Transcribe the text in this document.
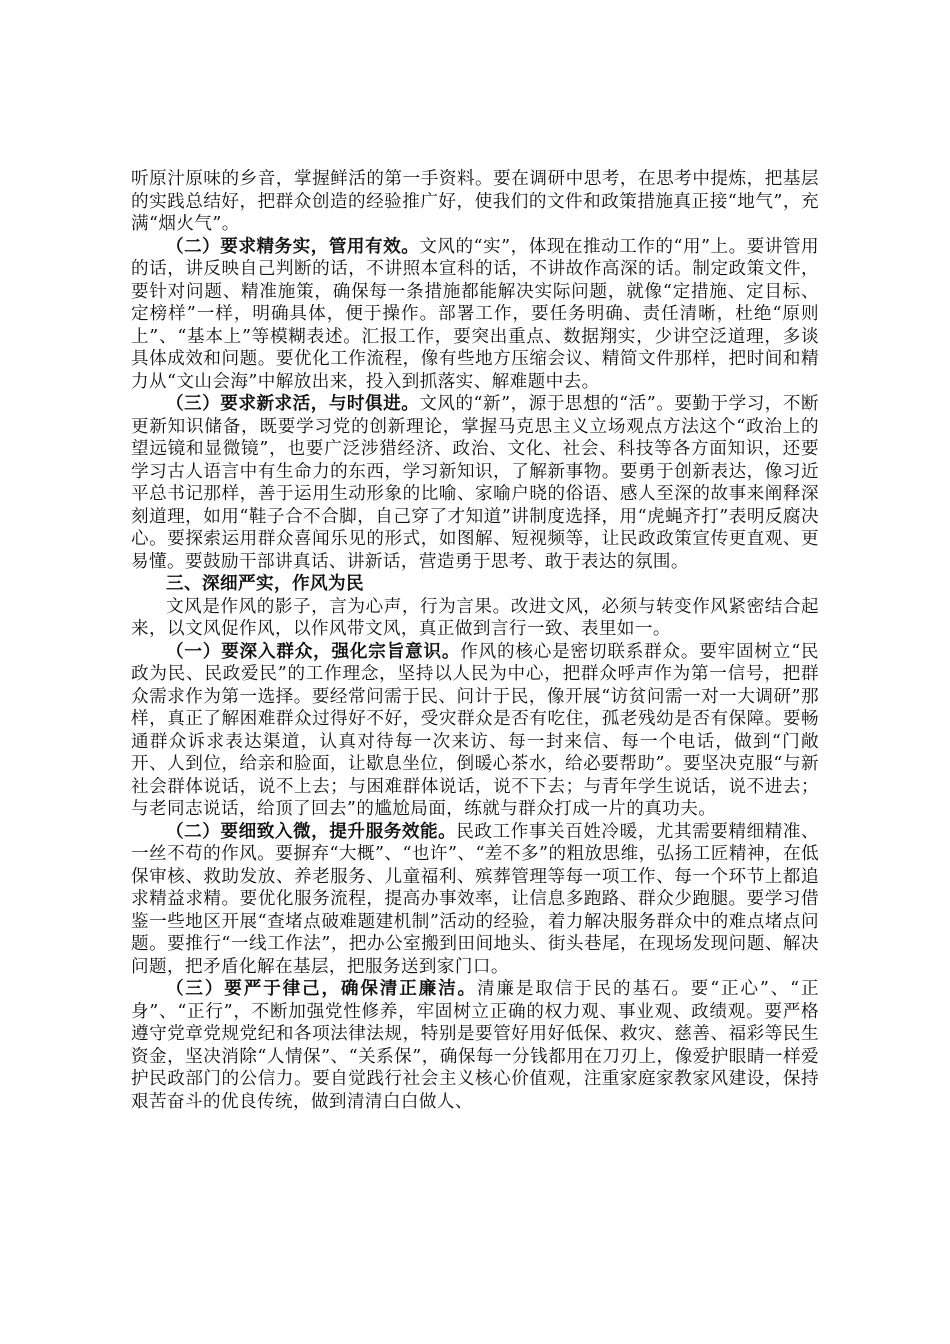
听原汁原味的乡音，掌握鲜活的第一手资料。要在调研中思考，在思考中提炼，把基层的实践总结好，把群众创造的经验推广好，使我们的文件和政策措施真正接“地气”，充满“烟火气”。

（二）要求精务实，管用有效。文风的“实”，体现在推动工作的“用”上。要讲管用的话，讲反映自己判断的话，不讲照本宣科的话，不讲故作高深的话。制定政策文件，要针对问题、精准施策，确保每一条措施都能解决实际问题，就像“定措施、定目标、定榜样”一样，明确具体，便于操作。部署工作，要任务明确、责任清晰，杜绝“原则上”、“基本上”等模糊表述。汇报工作，要突出重点、数据翔实，少讲空泛道理，多谈具体成效和问题。要优化工作流程，像有些地方压缩会议、精简文件那样，把时间和精力从“文山会海”中解放出来，投入到抓落实、解难题中去。

（三）要求新求活，与时俱进。文风的“新”，源于思想的“活”。要勤于学习，不断更新知识储备，既要学习党的创新理论，掌握马克思主义立场观点方法这个“政治上的望远镜和显微镜”，也要广泛涉猎经济、政治、文化、社会、科技等各方面知识，还要学习古人语言中有生命力的东西，学习新知识，了解新事物。要勇于创新表达，像习近平总书记那样，善于运用生动形象的比喻、家喻户晓的俗语、感人至深的故事来阐释深刻道理，如用“鞋子合不合脚，自己穿了才知道”讲制度选择，用“虎蝇齐打”表明反腐决心。要探索运用群众喜闻乐见的形式，如图解、短视频等，让民政政策宣传更直观、更易懂。要鼓励干部讲真话、讲新话，营造勇于思考、敢于表达的氛围。

三、深细严实，作风为民

文风是作风的影子，言为心声，行为言果。改进文风，必须与转变作风紧密结合起来，以文风促作风，以作风带文风，真正做到言行一致、表里如一。

（一）要深入群众，强化宗旨意识。作风的核心是密切联系群众。要牢固树立“民政为民、民政爱民”的工作理念，坚持以人民为中心，把群众呼声作为第一信号，把群众需求作为第一选择。要经常问需于民、问计于民，像开展“访贫问需一对一大调研”那样，真正了解困难群众过得好不好，受灾群众是否有吃住，孤老残幼是否有保障。要畅通群众诉求表达渠道，认真对待每一次来访、每一封来信、每一个电话，做到“门敞开、人到位，给亲和脸面，让歇息坐位，倒暖心茶水，给必要帮助”。要坚决克服“与新社会群体说话，说不上去；与困难群体说话，说不下去；与青年学生说话，说不进去；与老同志说话，给顶了回去”的尴尬局面，练就与群众打成一片的真功夫。

（二）要细致入微，提升服务效能。民政工作事关百姓冷暖，尤其需要精细精准、一丝不苟的作风。要摒弃“大概”、“也许”、“差不多”的粗放思维，弘扬工匠精神，在低保审核、救助发放、养老服务、儿童福利、殡葬管理等每一项工作、每一个环节上都追求精益求精。要优化服务流程，提高办事效率，让信息多跑路、群众少跑腿。要学习借鉴一些地区开展“查堵点破难题建机制”活动的经验，着力解决服务群众中的难点堵点问题。要推行“一线工作法”，把办公室搬到田间地头、街头巷尾，在现场发现问题、解决问题，把矛盾化解在基层，把服务送到家门口。

（三）要严于律己，确保清正廉洁。清廉是取信于民的基石。要“正心”、“正身”、“正行”，不断加强党性修养，牢固树立正确的权力观、事业观、政绩观。要严格遵守党章党规党纪和各项法律法规，特别是要管好用好低保、救灾、慈善、福彩等民生资金，坚决消除“人情保”、“关系保”，确保每一分钱都用在刀刃上，像爱护眼睛一样爱护民政部门的公信力。要自觉践行社会主义核心价值观，注重家庭家教家风建设，保持艰苦奋斗的优良传统，做到清清白白做人、
